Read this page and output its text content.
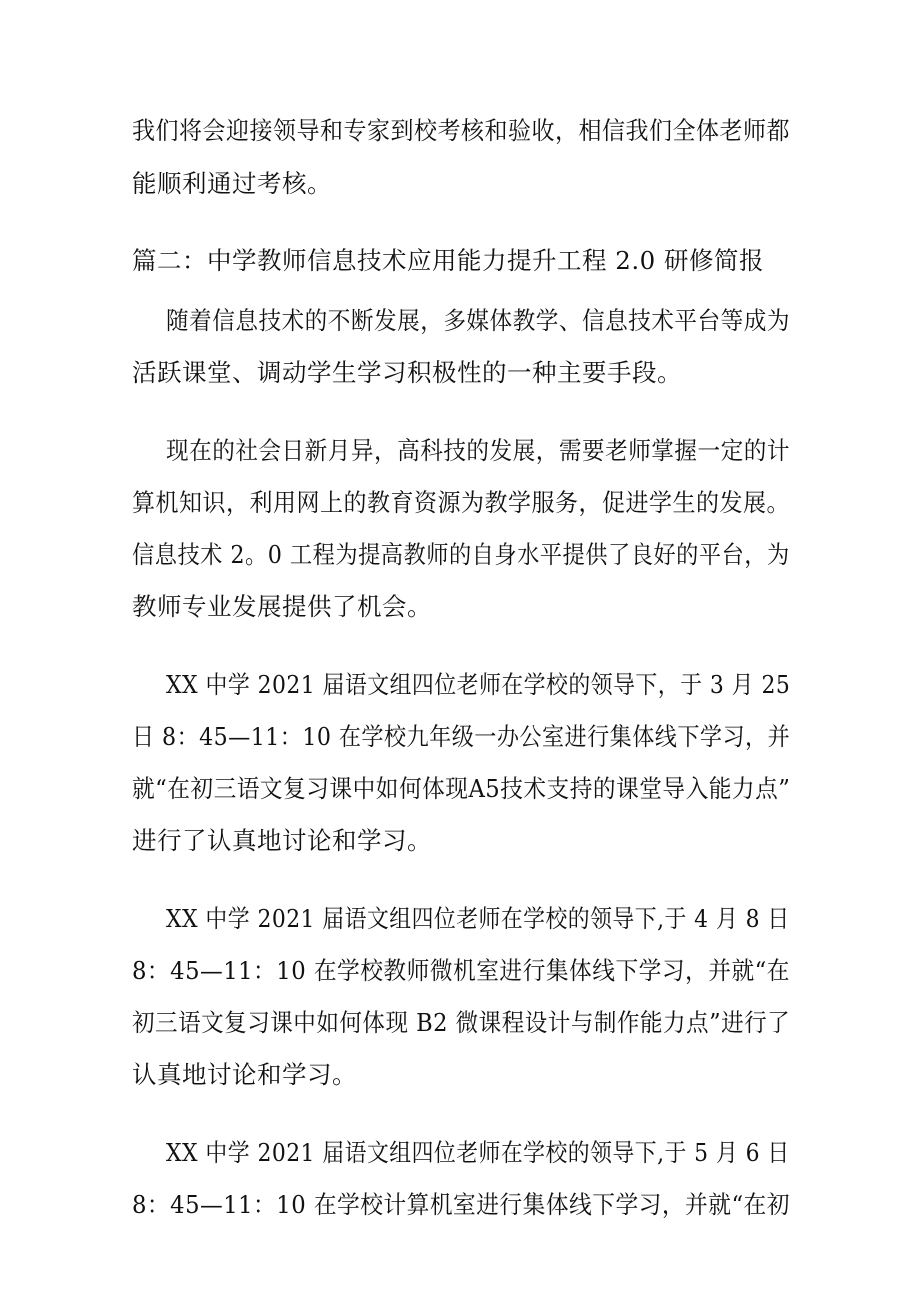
我们将会迎接领导和专家到校考核和验收，相信我们全体老师都
能顺利通过考核。
篇二：中学教师信息技术应用能力提升工程 2.0 研修简报
随着信息技术的不断发展，多媒体教学、信息技术平台等成为
活跃课堂、调动学生学习积极性的一种主要手段。
现在的社会日新月异，高科技的发展，需要老师掌握一定的计
算机知识，利用网上的教育资源为教学服务，促进学生的发展。
信息技术 2。0 工程为提高教师的自身水平提供了良好的平台，为
教师专业发展提供了机会。
XX 中学 2021 届语文组四位老师在学校的领导下，于 3 月 25
日 8：45—11：10 在学校九年级一办公室进行集体线下学习，并
就“在初三语文复习课中如何体现A5技术支持的课堂导入能力点”
进行了认真地讨论和学习。
XX 中学 2021 届语文组四位老师在学校的领导下,于 4 月 8 日
8：45—11：10 在学校教师微机室进行集体线下学习，并就“在
初三语文复习课中如何体现 B2 微课程设计与制作能力点”进行了
认真地讨论和学习。
XX 中学 2021 届语文组四位老师在学校的领导下,于 5 月 6 日
8：45—11：10 在学校计算机室进行集体线下学习，并就“在初
